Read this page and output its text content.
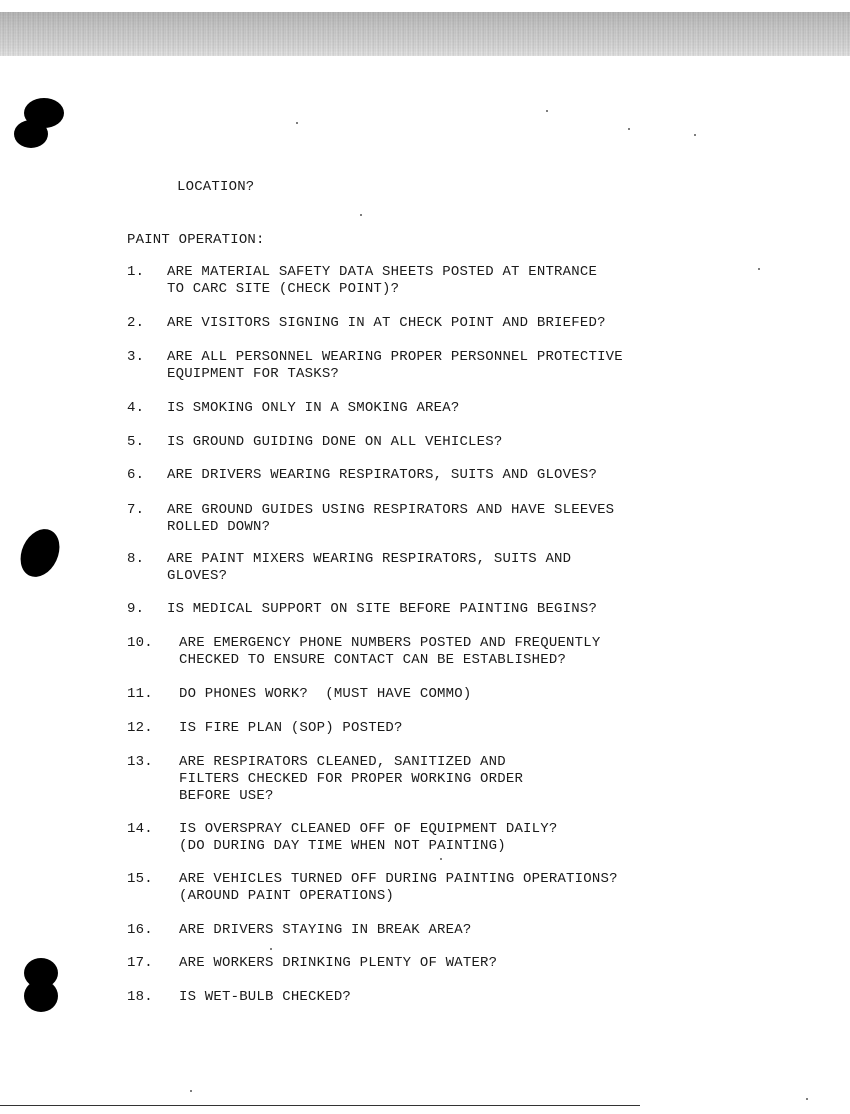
LOCATION?

PAINT OPERATION:

1. ARE MATERIAL SAFETY DATA SHEETS POSTED AT ENTRANCE
TO CARC SITE (CHECK POINT)?
2. ARE VISITORS SIGNING IN AT CHECK POINT AND BRIEFED?
3. ARE ALL PERSONNEL WEARING PROPER PERSONNEL PROTECTIVE
EQUIPMENT FOR TASKS?
4. IS SMOKING ONLY IN A SMOKING AREA?
5. IS GROUND GUIDING DONE ON ALL VEHICLES?
6. ARE DRIVERS WEARING RESPIRATORS, SUITS AND GLOVES?
7. ARE GROUND GUIDES USING RESPIRATORS AND HAVE SLEEVES
ROLLED DOWN?
8. ARE PAINT MIXERS WEARING RESPIRATORS, SUITS AND
GLOVES?
9. IS MEDICAL SUPPORT ON SITE BEFORE PAINTING BEGINS?
10. ARE EMERGENCY PHONE NUMBERS POSTED AND FREQUENTLY
CHECKED TO ENSURE CONTACT CAN BE ESTABLISHED?
11. DO PHONES WORK?  (MUST HAVE COMMO)
12. IS FIRE PLAN (SOP) POSTED?
13. ARE RESPIRATORS CLEANED, SANITIZED AND
FILTERS CHECKED FOR PROPER WORKING ORDER
BEFORE USE?
14. IS OVERSPRAY CLEANED OFF OF EQUIPMENT DAILY?
(DO DURING DAY TIME WHEN NOT PAINTING)
15. ARE VEHICLES TURNED OFF DURING PAINTING OPERATIONS?
(AROUND PAINT OPERATIONS)
16. ARE DRIVERS STAYING IN BREAK AREA?
17. ARE WORKERS DRINKING PLENTY OF WATER?
18. IS WET-BULB CHECKED?
